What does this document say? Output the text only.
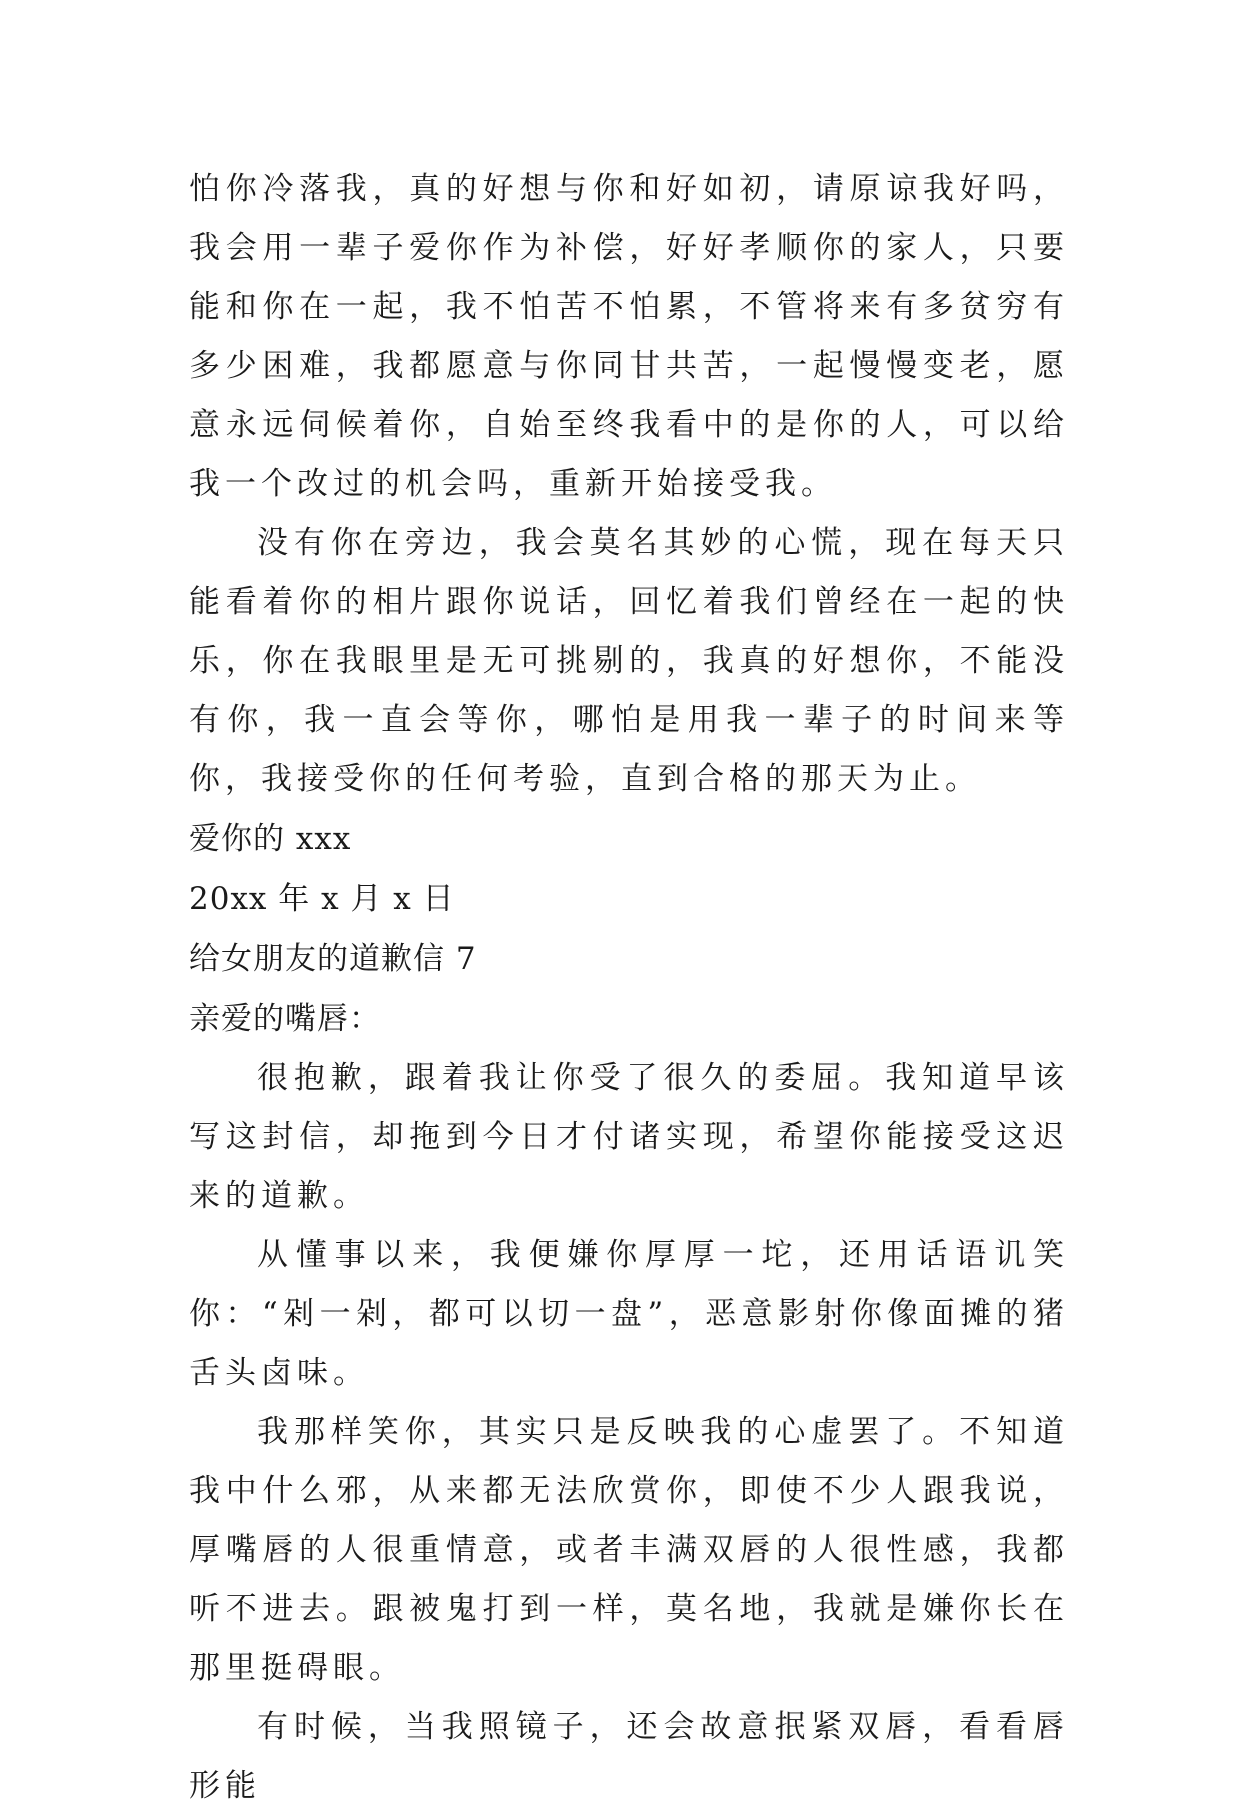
怕你冷落我，真的好想与你和好如初，请原谅我好吗，我会用一辈子爱你作为补偿，好好孝顺你的家人，只要能和你在一起，我不怕苦不怕累，不管将来有多贫穷有多少困难，我都愿意与你同甘共苦，一起慢慢变老，愿意永远伺候着你，自始至终我看中的是你的人，可以给我一个改过的机会吗，重新开始接受我。

没有你在旁边，我会莫名其妙的心慌，现在每天只能看着你的相片跟你说话，回忆着我们曾经在一起的快乐，你在我眼里是无可挑剔的，我真的好想你，不能没有你，我一直会等你，哪怕是用我一辈子的时间来等你，我接受你的任何考验，直到合格的那天为止。

爱你的 xxx

20xx 年 x 月 x 日

给女朋友的道歉信 7

亲爱的嘴唇：

很抱歉，跟着我让你受了很久的委屈。我知道早该写这封信，却拖到今日才付诸实现，希望你能接受这迟来的道歉。

从懂事以来，我便嫌你厚厚一坨，还用话语讥笑你：“剁一剁，都可以切一盘”，恶意影射你像面摊的猪舌头卤味。

我那样笑你，其实只是反映我的心虚罢了。不知道我中什么邪，从来都无法欣赏你，即使不少人跟我说，厚嘴唇的人很重情意，或者丰满双唇的人很性感，我都听不进去。跟被鬼打到一样，莫名地，我就是嫌你长在那里挺碍眼。

有时候，当我照镜子，还会故意抿紧双唇，看看唇形能
